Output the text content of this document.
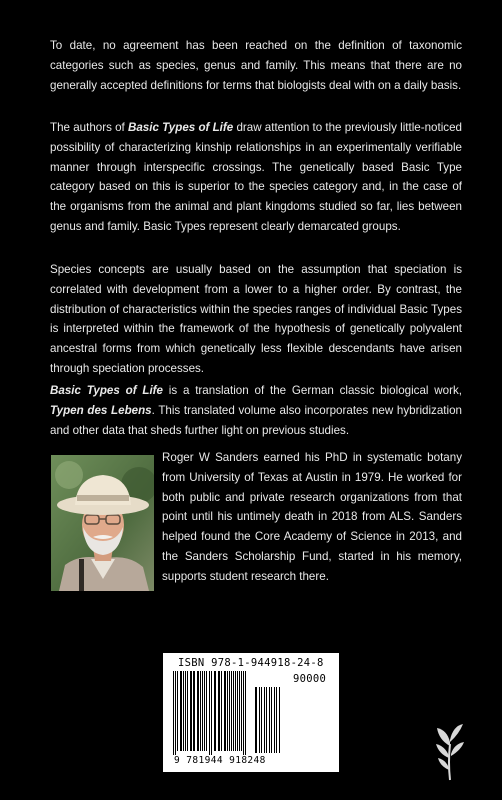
To date, no agreement has been reached on the definition of taxonomic categories such as species, genus and family. This means that there are no generally accepted definitions for terms that biologists deal with on a daily basis.

The authors of Basic Types of Life draw attention to the previously little-noticed possibility of characterizing kinship relationships in an experimentally verifiable manner through interspecific crossings. The genetically based Basic Type category based on this is superior to the species category and, in the case of the organisms from the animal and plant kingdoms studied so far, lies between genus and family. Basic Types represent clearly demarcated groups.

Species concepts are usually based on the assumption that speciation is correlated with development from a lower to a higher order. By contrast, the distribution of characteristics within the species ranges of individual Basic Types is interpreted within the framework of the hypothesis of genetically polyvalent ancestral forms from which genetically less flexible descendants have arisen through speciation processes.

Basic Types of Life is a translation of the German classic biological work, Typen des Lebens. This translated volume also incorporates new hybridization and other data that sheds further light on previous studies.

Roger W Sanders earned his PhD in systematic botany from University of Texas at Austin in 1979. He worked for both public and private research organizations from that point until his untimely death in 2018 from ALS. Sanders helped found the Core Academy of Science in 2013, and the Sanders Scholarship Fund, started in his memory, supports student research there.

ISBN 978-1-944918-24-8
90000
9 781944 918248
